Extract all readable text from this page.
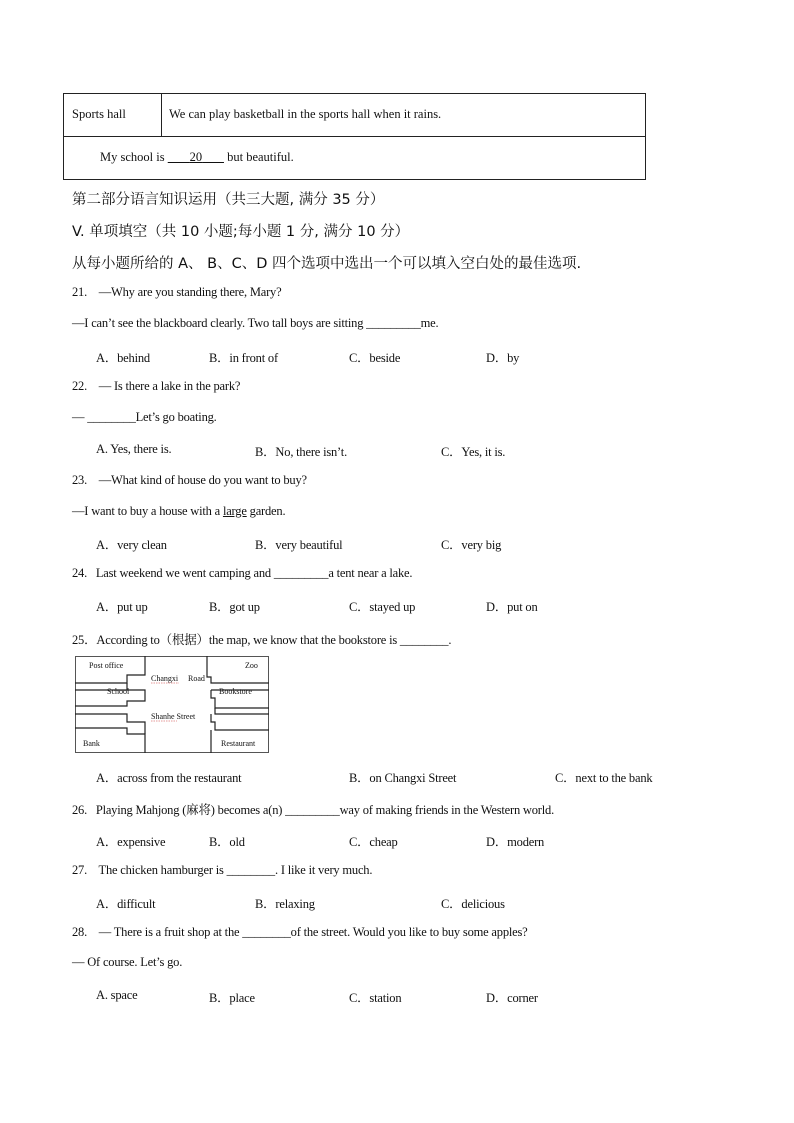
Sports hall	We can play basketball in the sports hall when it rains.
My school is 20 but beautiful.
第二部分语言知识运用（共三大题, 满分 35 分）
V. 单项填空（共 10 小题;每小题 1 分, 满分 10 分）
从每小题所给的 A、 B、C、D 四个选项中选出一个可以填入空白处的最佳选项.
21. —Why are you standing there, Mary?
—I can’t see the blackboard clearly. Two tall boys are sitting _________me.
A．behind	B．in front of	C．beside	D．by
22. — Is there a lake in the park?
— ________Let’s go boating.
A. Yes, there is.	B．No, there isn’t.	C．Yes, it is.
23. —What kind of house do you want to buy?
—I want to buy a house with a large garden.
A．very clean	B．very beautiful	C．very big
24. Last weekend we went camping and _________a tent near a lake.
A．put up	B．got up	C．stayed up	D．put on
25．According to（根据）the map, we know that the bookstore is ________.
Post office	Zoo
Changxi Road
School	Bookstore
Shanhe Street
Bank	Restaurant
A．across from the restaurant	B．on Changxi Street	C．next to the bank
26. Playing Mahjong (麻将) becomes a(n) _________way of making friends in the Western world.
A．expensive	B．old	C．cheap	D．modern
27. The chicken hamburger is ________. I like it very much.
A．difficult	B．relaxing	C．delicious
28. — There is a fruit shop at the ________of the street. Would you like to buy some apples?
— Of course. Let’s go.
A. space	B．place	C．station	D．corner
